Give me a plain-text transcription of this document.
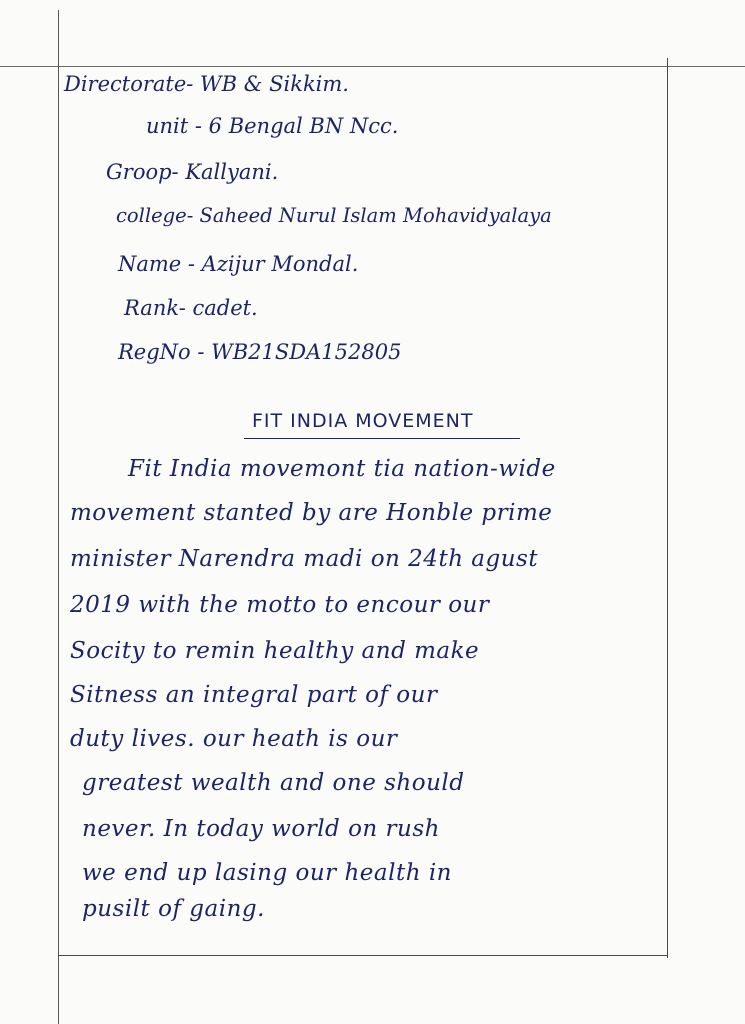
Directorate- WB & Sikkim.
unit - 6 Bengal BN Ncc.
Groop- Kallyani.
college- Saheed Nurul Islam Mohavidyalaya
Name - Azijur Mondal.
Rank- cadet.
RegNo - WB21SDA152805
FIT INDIA MOVEMENT
Fit India movemont tia nation-wide
movement stanted by are Honble prime
minister Narendra madi on 24th agust
2019 with the motto to encour our
Socity to remin healthy and make
Sitness an integral part of our
duty lives. our heath is our
greatest wealth and one should
never. In today world on rush
we end up lasing our health in
pusilt of gaing.
